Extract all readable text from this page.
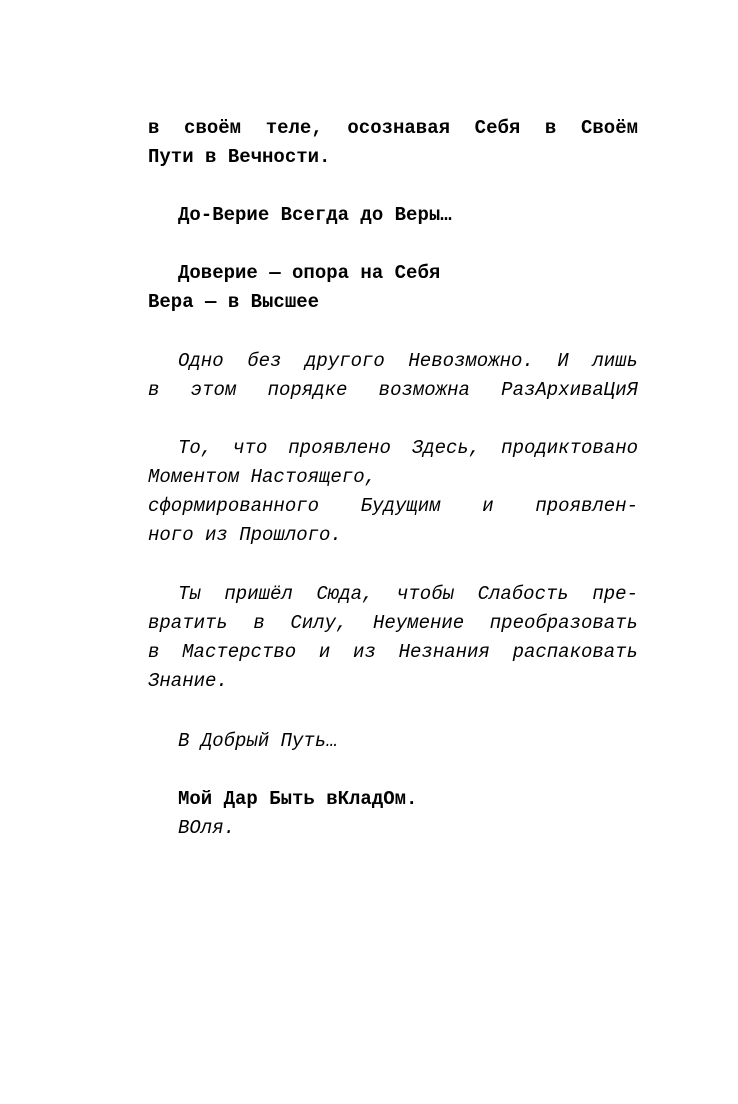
в своём теле, осознавая Себя в Своём
Пути в Вечности.
До-Верие Всегда до Веры…
Доверие — опора на Себя
Вера — в Высшее
Одно без другого Невозможно. И лишь
в этом порядке возможна РазАрхиваЦиЯ
То, что проявлено Здесь, продиктовано
Моментом Настоящего,
сформированного Будущим и проявлен-
ного из Прошлого.
Ты пришёл Сюда, чтобы Слабость пре-
вратить в Силу, Неумение преобразовать
в Мастерство и из Незнания распаковать
Знание.
В Добрый Путь…
Мой Дар Быть вКладОм.
ВОля.
